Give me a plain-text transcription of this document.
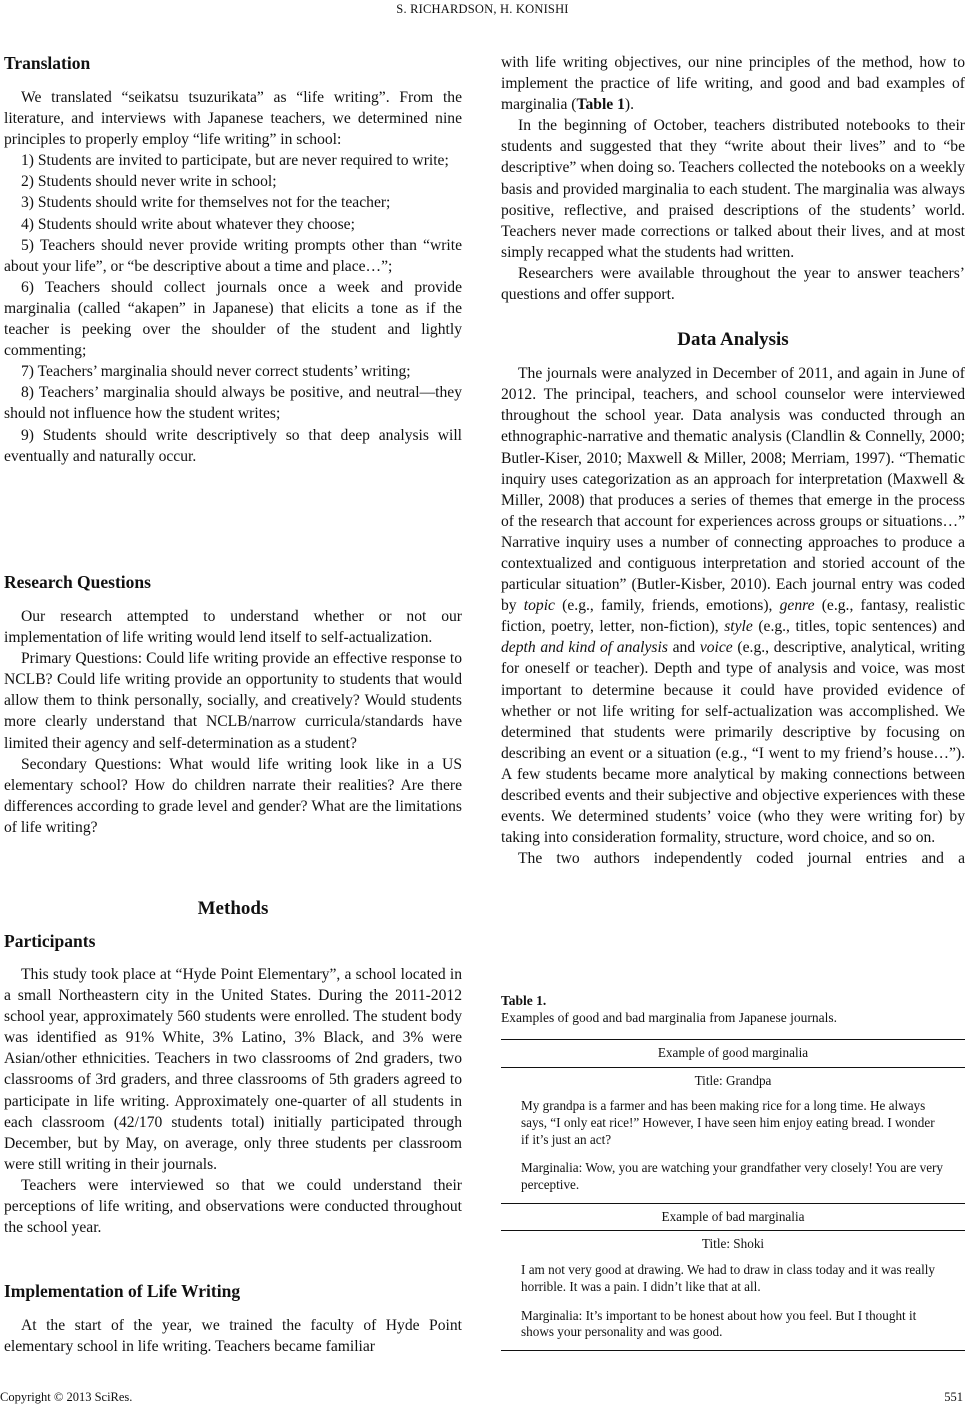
S. RICHARDSON, H. KONISHI
Translation

We translated “seikatsu tsuzurikata” as “life writing”. From the literature, and interviews with Japanese teachers, we determined nine principles to properly employ “life writing” in school:

1) Students are invited to participate, but are never required to write;

2) Students should never write in school;

3) Students should write for themselves not for the teacher;

4) Students should write about whatever they choose;

5) Teachers should never provide writing prompts other than “write about your life”, or “be descriptive about a time and place…”;

6) Teachers should collect journals once a week and provide marginalia (called “akapen” in Japanese) that elicits a tone as if the teacher is peeking over the shoulder of the student and lightly commenting;

7) Teachers’ marginalia should never correct students’ writing;

8) Teachers’ marginalia should always be positive, and neutral—they should not influence how the student writes;

9) Students should write descriptively so that deep analysis will eventually and naturally occur.

Research Questions

Our research attempted to understand whether or not our implementation of life writing would lend itself to self-actualization.

Primary Questions: Could life writing provide an effective response to NCLB? Could life writing provide an opportunity to students that would allow them to think personally, socially, and creatively? Would students more clearly understand that NCLB/narrow curricula/standards have limited their agency and self-determination as a student?

Secondary Questions: What would life writing look like in a US elementary school? How do children narrate their realities? Are there differences according to grade level and gender? What are the limitations of life writing?

Methods
Participants

This study took place at “Hyde Point Elementary”, a school located in a small Northeastern city in the United States. During the 2011-2012 school year, approximately 560 students were enrolled. The student body was identified as 91% White, 3% Latino, 3% Black, and 3% were Asian/other ethnicities. Teachers in two classrooms of 2nd graders, two classrooms of 3rd graders, and three classrooms of 5th graders agreed to participate in life writing. Approximately one-quarter of all students in each classroom (42/170 students total) initially participated through December, but by May, on average, only three students per classroom were still writing in their journals.

Teachers were interviewed so that we could understand their perceptions of life writing, and observations were conducted throughout the school year.

Implementation of Life Writing

At the start of the year, we trained the faculty of Hyde Point elementary school in life writing. Teachers became familiar

with life writing objectives, our nine principles of the method, how to implement the practice of life writing, and good and bad examples of marginalia (Table 1).

In the beginning of October, teachers distributed notebooks to their students and suggested that they “write about their lives” and to “be descriptive” when doing so. Teachers collected the notebooks on a weekly basis and provided marginalia to each student. The marginalia was always positive, reflective, and praised descriptions of the students’ world. Teachers never made corrections or talked about their lives, and at most simply recapped what the students had written.

Researchers were available throughout the year to answer teachers’ questions and offer support.

Data Analysis

The journals were analyzed in December of 2011, and again in June of 2012. The principal, teachers, and school counselor were interviewed throughout the school year. Data analysis was conducted through an ethnographic-narrative and thematic analysis (Clandlin & Connelly, 2000; Butler-Kiser, 2010; Maxwell & Miller, 2008; Merriam, 1997). “Thematic inquiry uses categorization as an approach for interpretation (Maxwell & Miller, 2008) that produces a series of themes that emerge in the process of the research that account for experiences across groups or situations…” Narrative inquiry uses a number of connecting approaches to produce a contextualized and contiguous interpretation and storied account of the particular situation” (Butler-Kisber, 2010). Each journal entry was coded by topic (e.g., family, friends, emotions), genre (e.g., fantasy, realistic fiction, poetry, letter, non-fiction), style (e.g., titles, topic sentences) and depth and kind of analysis and voice (e.g., descriptive, analytical, writing for oneself or teacher). Depth and type of analysis and voice, was most important to determine because it could have provided evidence of whether or not life writing for self-actualization was accomplished. We determined that students were primarily descriptive by focusing on describing an event or a situation (e.g., “I went to my friend’s house…”). A few students became more analytical by making connections between described events and their subjective and objective experiences with these events. We determined students’ voice (who they were writing for) by taking into consideration formality, structure, word choice, and so on.

The two authors independently coded journal entries and a

Table 1.
Examples of good and bad marginalia from Japanese journals.
Example of good marginalia
Title: Grandpa
My grandpa is a farmer and has been making rice for a long time. He always says, “I only eat rice!” However, I have seen him enjoy eating bread. I wonder if it’s just an act?
Marginalia: Wow, you are watching your grandfather very closely! You are very perceptive.
Example of bad marginalia
Title: Shoki
I am not very good at drawing. We had to draw in class today and it was really horrible. It was a pain. I didn’t like that at all.
Marginalia: It’s important to be honest about how you feel. But I thought it shows your personality and was good.
Copyright © 2013 SciRes.	551
